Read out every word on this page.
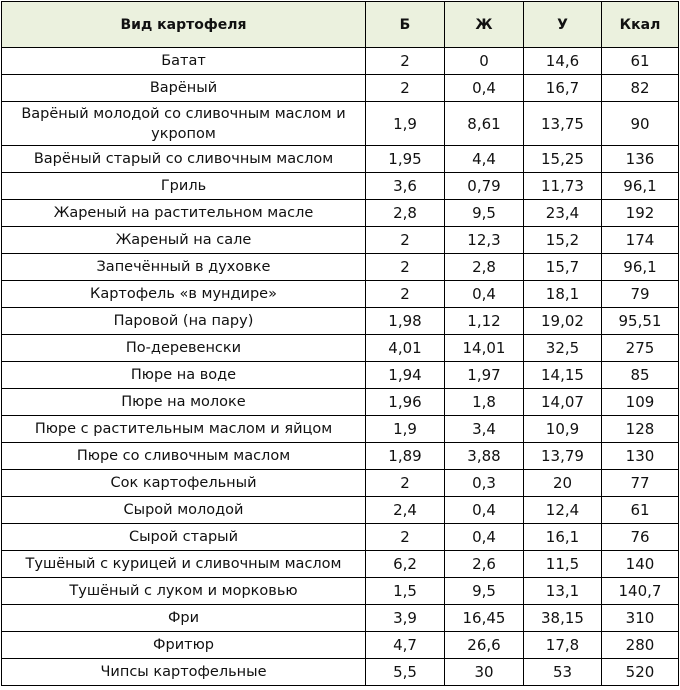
Вид картофеля	Б	Ж	У	Ккал
Батат	2	0	14,6	61
Варёный	2	0,4	16,7	82
Варёный молодой со сливочным маслом и укропом	1,9	8,61	13,75	90
Варёный старый со сливочным маслом	1,95	4,4	15,25	136
Гриль	3,6	0,79	11,73	96,1
Жареный на растительном масле	2,8	9,5	23,4	192
Жареный на сале	2	12,3	15,2	174
Запечённый в духовке	2	2,8	15,7	96,1
Картофель «в мундире»	2	0,4	18,1	79
Паровой (на пару)	1,98	1,12	19,02	95,51
По-деревенски	4,01	14,01	32,5	275
Пюре на воде	1,94	1,97	14,15	85
Пюре на молоке	1,96	1,8	14,07	109
Пюре с растительным маслом и яйцом	1,9	3,4	10,9	128
Пюре со сливочным маслом	1,89	3,88	13,79	130
Сок картофельный	2	0,3	20	77
Сырой молодой	2,4	0,4	12,4	61
Сырой старый	2	0,4	16,1	76
Тушёный с курицей и сливочным маслом	6,2	2,6	11,5	140
Тушёный с луком и морковью	1,5	9,5	13,1	140,7
Фри	3,9	16,45	38,15	310
Фритюр	4,7	26,6	17,8	280
Чипсы картофельные	5,5	30	53	520
